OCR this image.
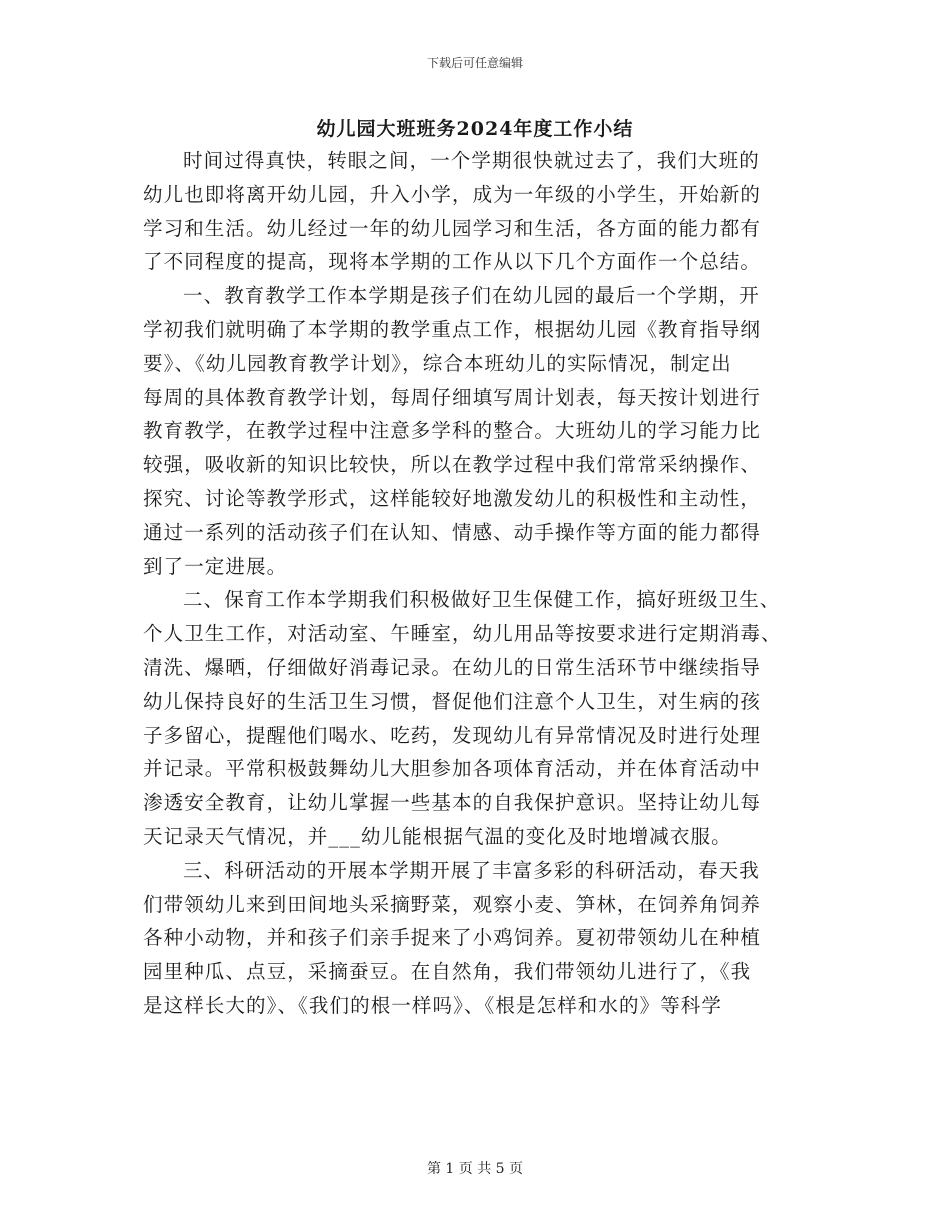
下载后可任意编辑
幼儿园大班班务2024年度工作小结
时间过得真快，转眼之间，一个学期很快就过去了，我们大班的
幼儿也即将离开幼儿园，升入小学，成为一年级的小学生，开始新的
学习和生活。幼儿经过一年的幼儿园学习和生活，各方面的能力都有
了不同程度的提高，现将本学期的工作从以下几个方面作一个总结。
一、教育教学工作本学期是孩子们在幼儿园的最后一个学期，开
学初我们就明确了本学期的教学重点工作，根据幼儿园《教育指导纲
要》、《幼儿园教育教学计划》，综合本班幼儿的实际情况，制定出
每周的具体教育教学计划，每周仔细填写周计划表，每天按计划进行
教育教学，在教学过程中注意多学科的整合。大班幼儿的学习能力比
较强，吸收新的知识比较快，所以在教学过程中我们常常采纳操作、
探究、讨论等教学形式，这样能较好地激发幼儿的积极性和主动性，
通过一系列的活动孩子们在认知、情感、动手操作等方面的能力都得
到了一定进展。
二、保育工作本学期我们积极做好卫生保健工作，搞好班级卫生、
个人卫生工作，对活动室、午睡室，幼儿用品等按要求进行定期消毒、
清洗、爆晒，仔细做好消毒记录。在幼儿的日常生活环节中继续指导
幼儿保持良好的生活卫生习惯，督促他们注意个人卫生，对生病的孩
子多留心，提醒他们喝水、吃药，发现幼儿有异常情况及时进行处理
并记录。平常积极鼓舞幼儿大胆参加各项体育活动，并在体育活动中
渗透安全教育，让幼儿掌握一些基本的自我保护意识。坚持让幼儿每
天记录天气情况，并___幼儿能根据气温的变化及时地增减衣服。
三、科研活动的开展本学期开展了丰富多彩的科研活动，春天我
们带领幼儿来到田间地头采摘野菜，观察小麦、笋林，在饲养角饲养
各种小动物，并和孩子们亲手捉来了小鸡饲养。夏初带领幼儿在种植
园里种瓜、点豆，采摘蚕豆。在自然角，我们带领幼儿进行了，《我
是这样长大的》、《我们的根一样吗》、《根是怎样和水的》等科学
第 1 页 共 5 页
